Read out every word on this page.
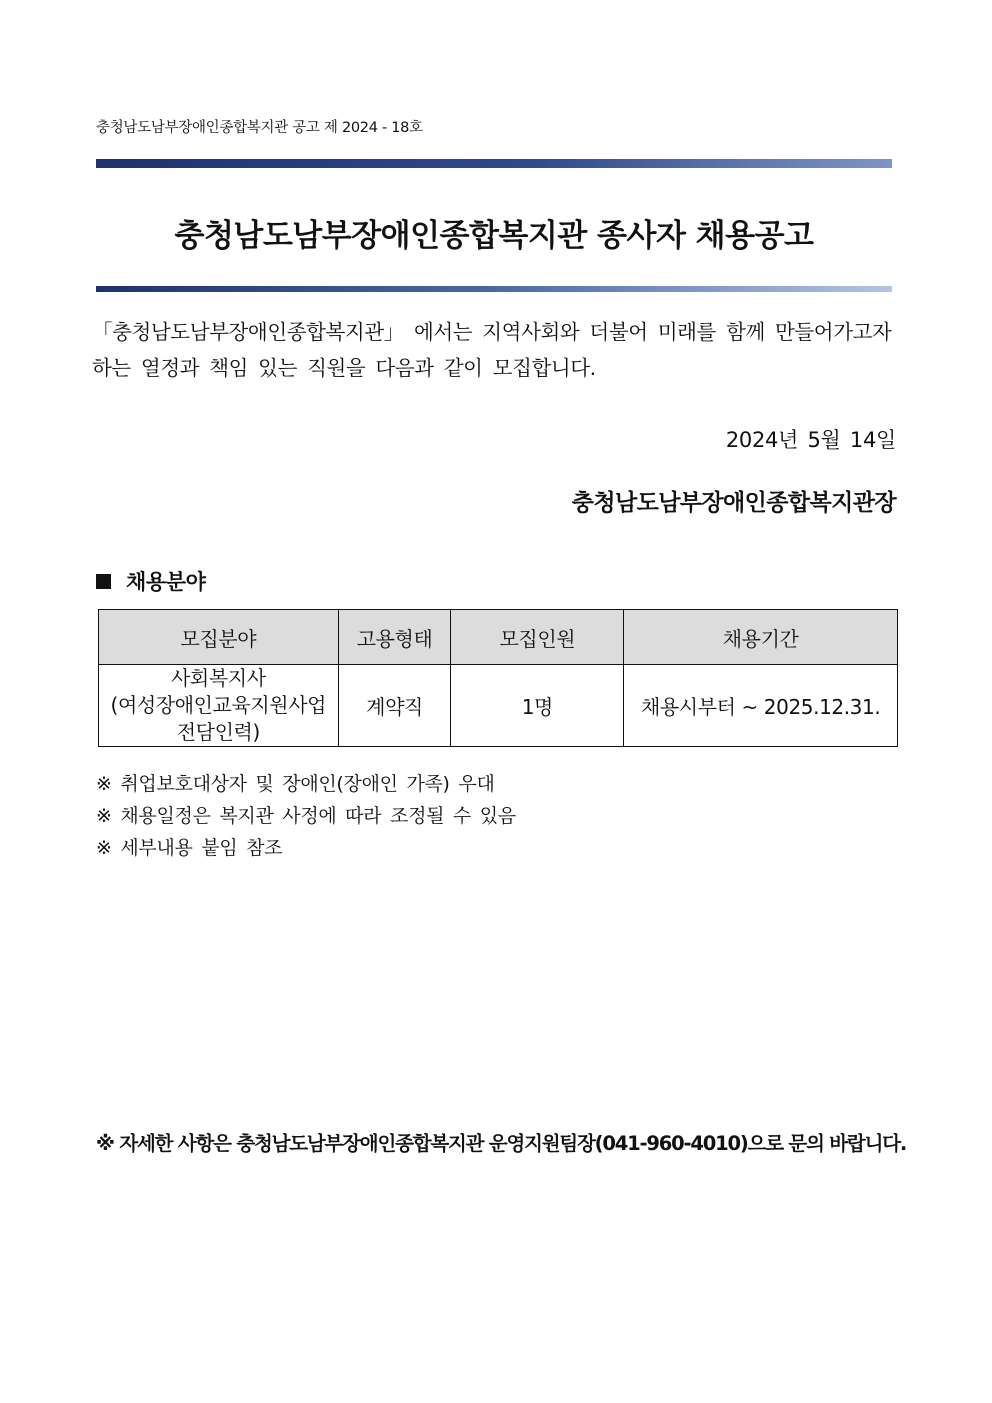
충청남도남부장애인종합복지관 공고 제 2024 - 18호
충청남도남부장애인종합복지관 종사자 채용공고
「충청남도남부장애인종합복지관」 에서는 지역사회와 더불어 미래를 함께 만들어가고자
하는 열정과 책임 있는 직원을 다음과 같이 모집합니다.
2024년 5월 14일
충청남도남부장애인종합복지관장
채용분야
모집분야	고용형태	모집인원	채용기간

사회복지사
(여성장애인교육지원사업
전담인력)	계약직	1명	채용시부터 ~ 2025.12.31.
※ 취업보호대상자 및 장애인(장애인 가족) 우대
※ 채용일정은 복지관 사정에 따라 조정될 수 있음
※ 세부내용 붙임 참조
※ 자세한 사항은 충청남도남부장애인종합복지관 운영지원팀장(041-960-4010)으로 문의 바랍니다.
